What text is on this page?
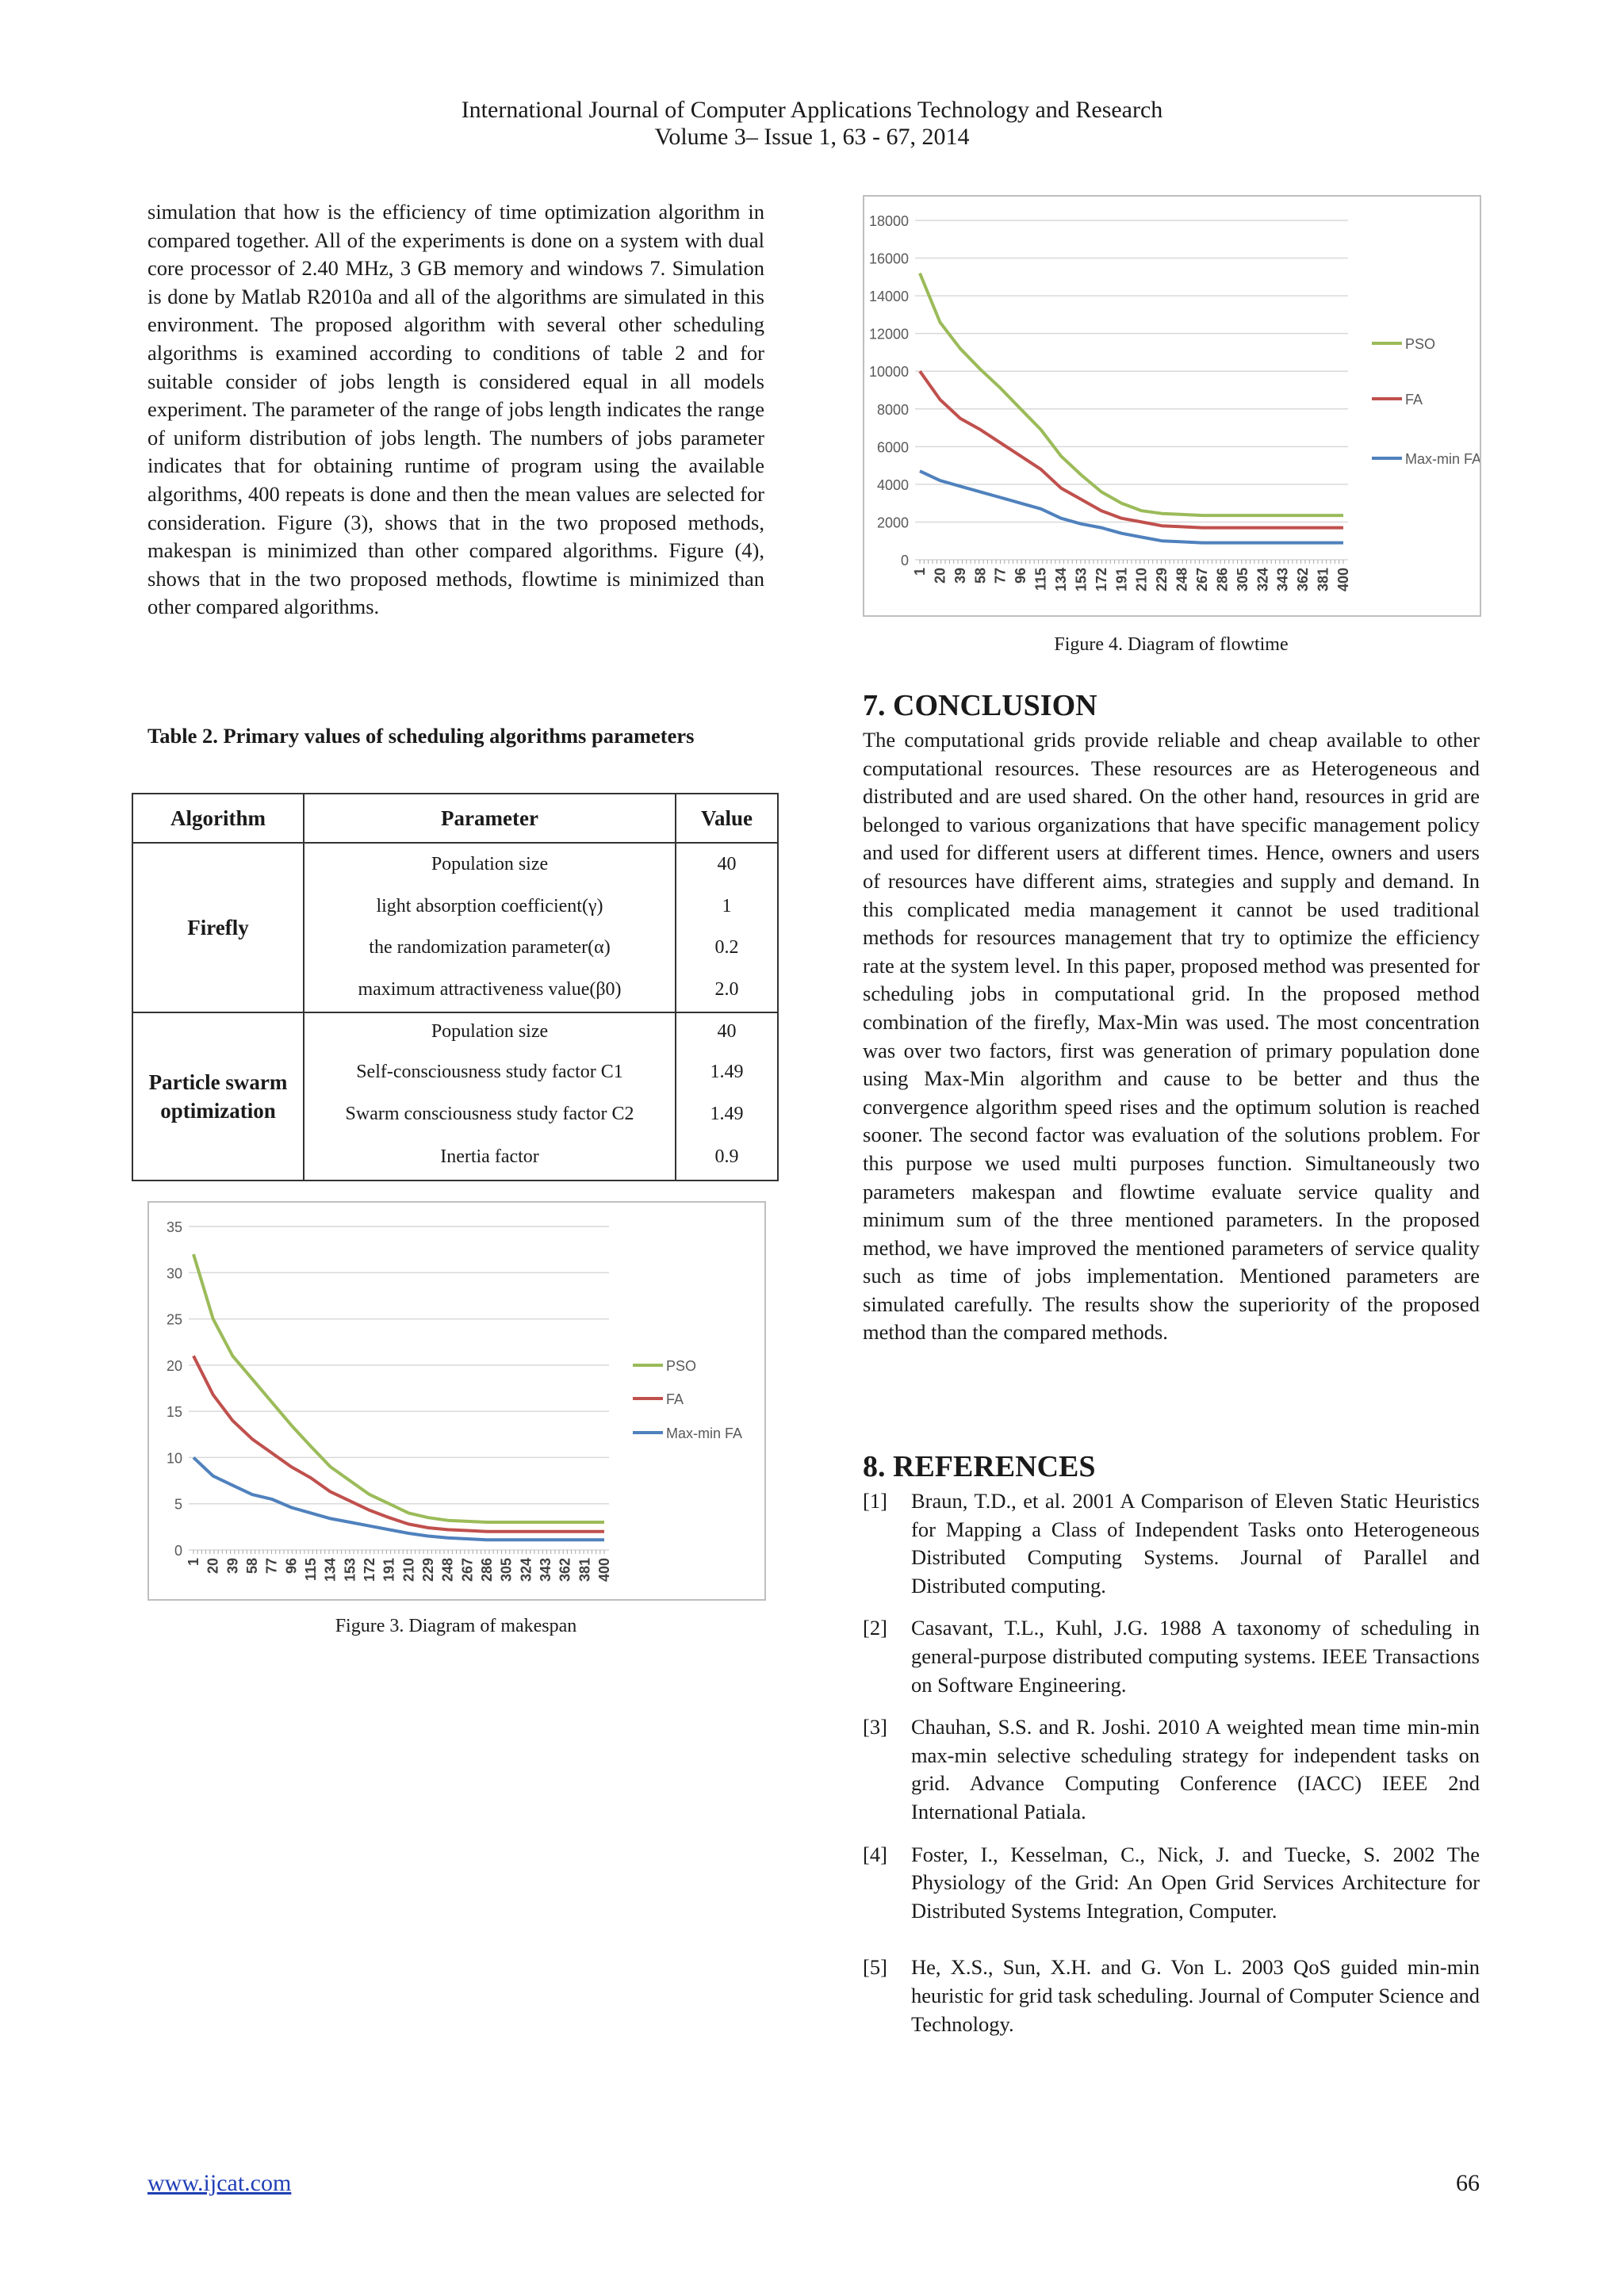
International Journal of Computer Applications Technology and Research
Volume 3– Issue 1, 63 - 67, 2014

simulation that how is the efficiency of time optimization algorithm in compared together. All of the experiments is done on a system with dual core processor of 2.40 MHz, 3 GB memory and windows 7. Simulation is done by Matlab R2010a and all of the algorithms are simulated in this environment. The proposed algorithm with several other scheduling algorithms is examined according to conditions of table 2 and for suitable consider of jobs length is considered equal in all models experiment. The parameter of the range of jobs length indicates the range of uniform distribution of jobs length. The numbers of jobs parameter indicates that for obtaining runtime of program using the available algorithms, 400 repeats is done and then the mean values are selected for consideration. Figure (3), shows that in the two proposed methods, makespan is minimized than other compared algorithms. Figure (4), shows that in the two proposed methods, flowtime is minimized than other compared algorithms.

Table 2. Primary values of scheduling algorithms parameters

Algorithm	Parameter	Value
Firefly	Population size	40
	light absorption coefficient(γ)	1
	the randomization parameter(α)	0.2
	maximum attractiveness value(β0)	2.0
Particle swarm optimization	Population size	40
	Self-consciousness study factor C1	1.49
	Swarm consciousness study factor C2	1.49
	Inertia factor	0.9
0
5
10
15
20
25
30
35
1 20 39 58 77 96 115 134 153 172 191 210 229 248 267 286 305 324 343 362 381 400
PSO
FA
Max-min FA
Figure 3. Diagram of makespan
0
2000
4000
6000
8000
10000
12000
14000
16000
18000
1 20 39 58 77 96 115 134 153 172 191 210 229 248 267 286 305 324 343 362 381 400
PSO
FA
Max-min FA
Figure 4. Diagram of flowtime
7. CONCLUSION

The computational grids provide reliable and cheap available to other computational resources. These resources are as Heterogeneous and distributed and are used shared. On the other hand, resources in grid are belonged to various organizations that have specific management policy and used for different users at different times. Hence, owners and users of resources have different aims, strategies and supply and demand. In this complicated media management it cannot be used traditional methods for resources management that try to optimize the efficiency rate at the system level. In this paper, proposed method was presented for scheduling jobs in computational grid. In the proposed method combination of the firefly, Max-Min was used. The most concentration was over two factors, first was generation of primary population done using Max-Min algorithm and cause to be better and thus the convergence algorithm speed rises and the optimum solution is reached sooner. The second factor was evaluation of the solutions problem. For this purpose we used multi purposes function. Simultaneously two parameters makespan and flowtime evaluate service quality and minimum sum of the three mentioned parameters. In the proposed method, we have improved the mentioned parameters of service quality such as time of jobs implementation. Mentioned parameters are simulated carefully. The results show the superiority of the proposed method than the compared methods.

8. REFERENCES

[1] Braun, T.D., et al. 2001 A Comparison of Eleven Static Heuristics for Mapping a Class of Independent Tasks onto Heterogeneous Distributed Computing Systems. Journal of Parallel and Distributed computing.

[2] Casavant, T.L., Kuhl, J.G. 1988 A taxonomy of scheduling in general-purpose distributed computing systems. IEEE Transactions on Software Engineering.

[3] Chauhan, S.S. and R. Joshi. 2010 A weighted mean time min-min max-min selective scheduling strategy for independent tasks on grid. Advance Computing Conference (IACC) IEEE 2nd International Patiala.

[4] Foster, I., Kesselman, C., Nick, J. and Tuecke, S. 2002 The Physiology of the Grid: An Open Grid Services Architecture for Distributed Systems Integration, Computer.

[5] He, X.S., Sun, X.H. and G. Von L. 2003 QoS guided min-min heuristic for grid task scheduling. Journal of Computer Science and Technology.

www.ijcat.com	66
